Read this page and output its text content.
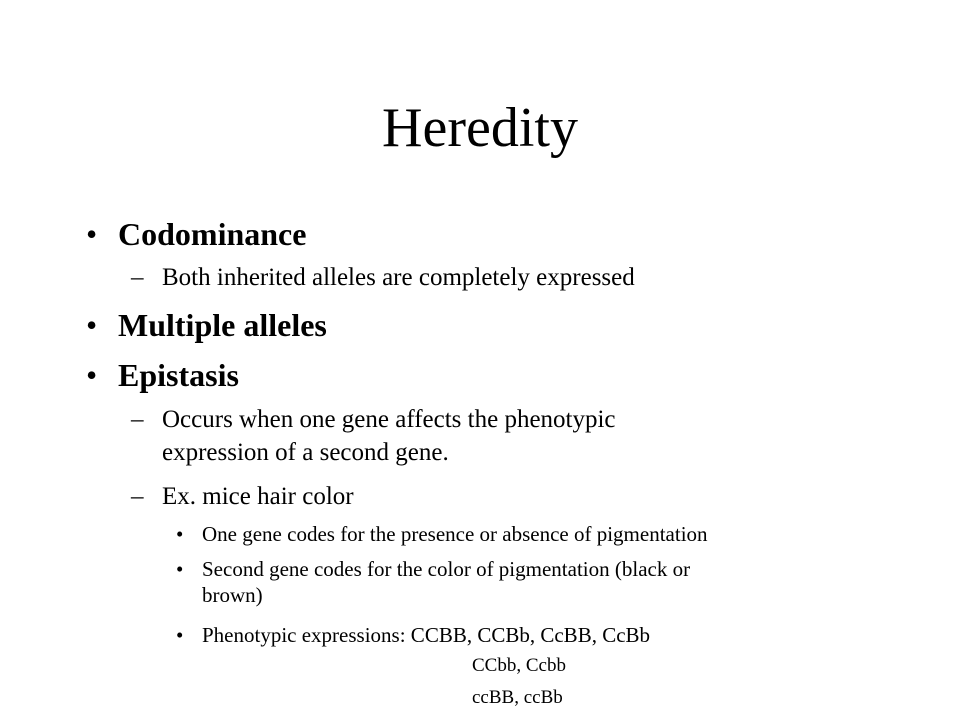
Heredity
• Codominance
– Both inherited alleles are completely expressed
• Multiple alleles
• Epistasis
– Occurs when one gene affects the phenotypic
expression of a second gene.
– Ex. mice hair color
• One gene codes for the presence or absence of pigmentation
• Second gene codes for the color of pigmentation (black or
brown)
• Phenotypic expressions: CCBB, CCBb, CcBB, CcBb
CCbb, Ccbb
ccBB, ccBb
